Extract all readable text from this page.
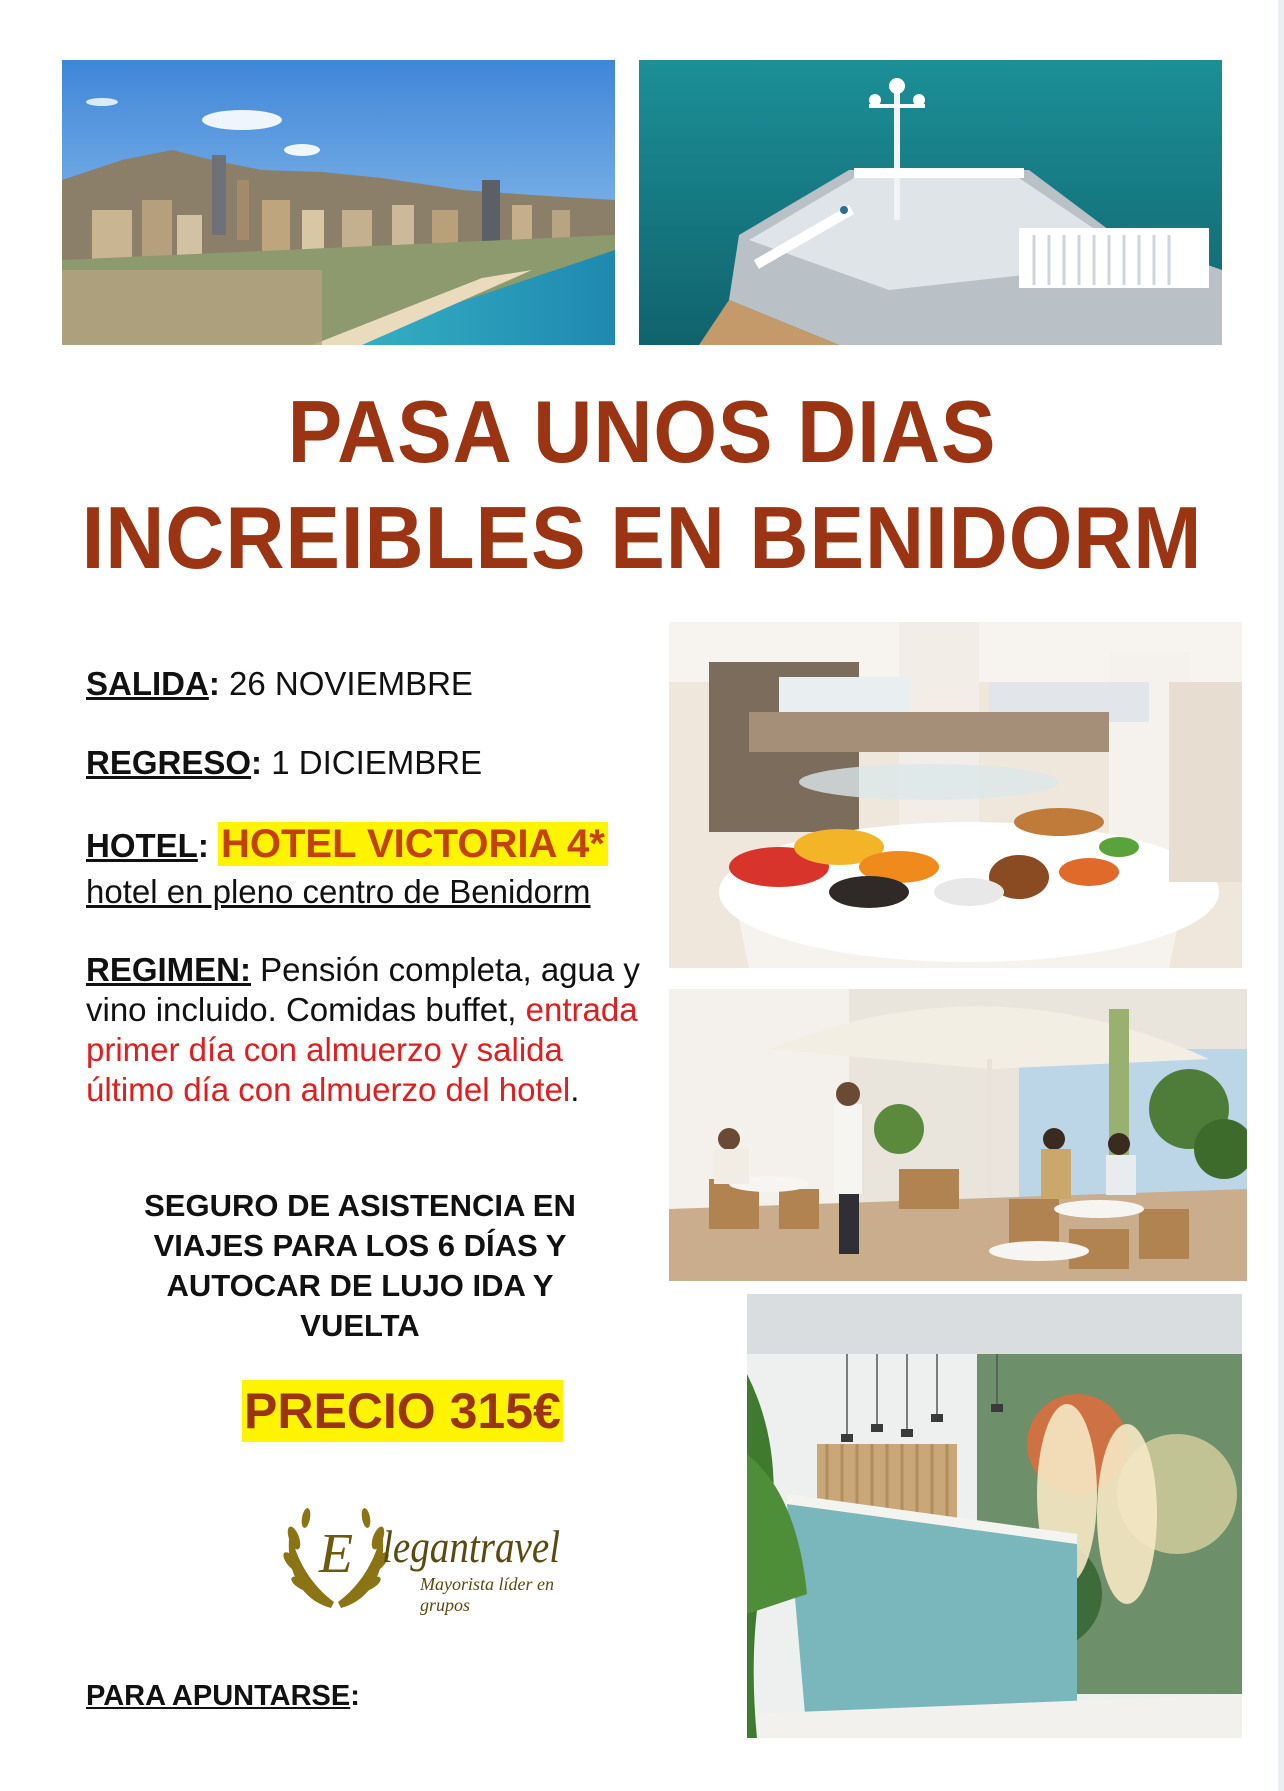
PASA UNOS DIAS
INCREIBLES EN BENIDORM
SALIDA: 26 NOVIEMBRE
REGRESO: 1 DICIEMBRE
HOTEL: HOTEL VICTORIA 4*
hotel en pleno centro de Benidorm
REGIMEN: Pensión completa, agua y vino incluido. Comidas buffet, entrada primer día con almuerzo y salida último día con almuerzo del hotel.
SEGURO DE ASISTENCIA EN
VIAJES PARA LOS 6 DÍAS Y
AUTOCAR DE LUJO IDA Y
VUELTA
PRECIO 315€
E legantravel
Mayorista líder en grupos
PARA APUNTARSE:
